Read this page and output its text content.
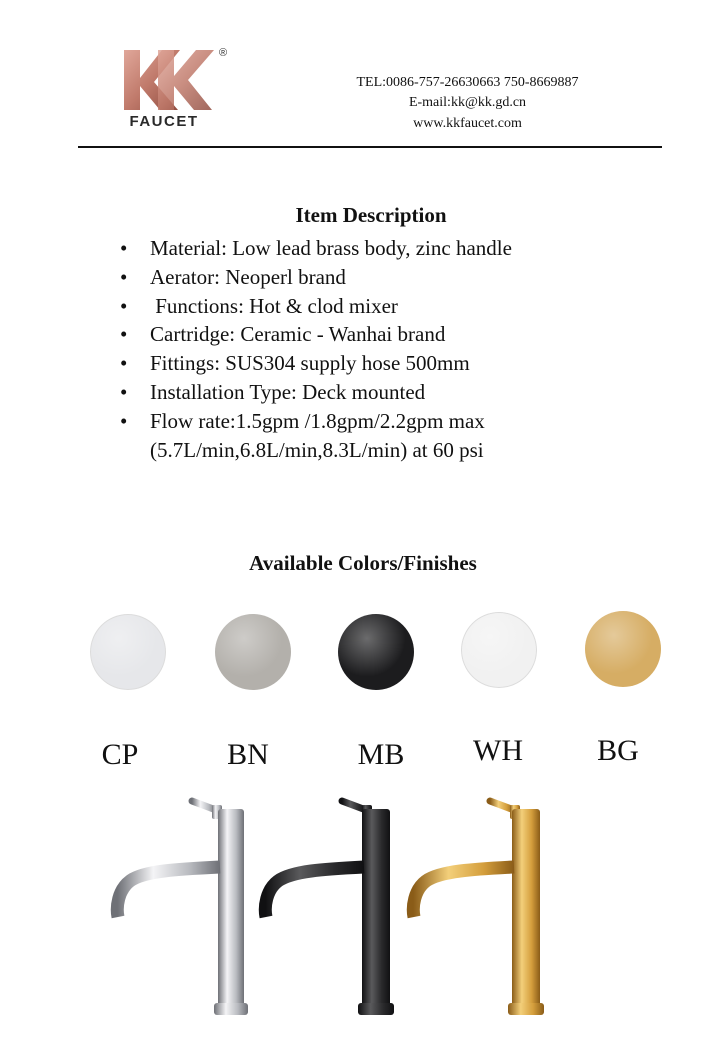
®
FAUCET
TEL:0086-757-26630663 750-8669887
E-mail:kk@kk.gd.cn
www.kkfaucet.com
Item Description
• Material: Low lead brass body, zinc handle
• Aerator: Neoperl brand
•  Functions: Hot & clod mixer
• Cartridge: Ceramic - Wanhai brand
• Fittings: SUS304 supply hose 500mm
• Installation Type: Deck mounted
• Flow rate:1.5gpm /1.8gpm/2.2gpm max
(5.7L/min,6.8L/min,8.3L/min) at 60 psi
Available Colors/Finishes
CP	BN	MB	WH	BG
